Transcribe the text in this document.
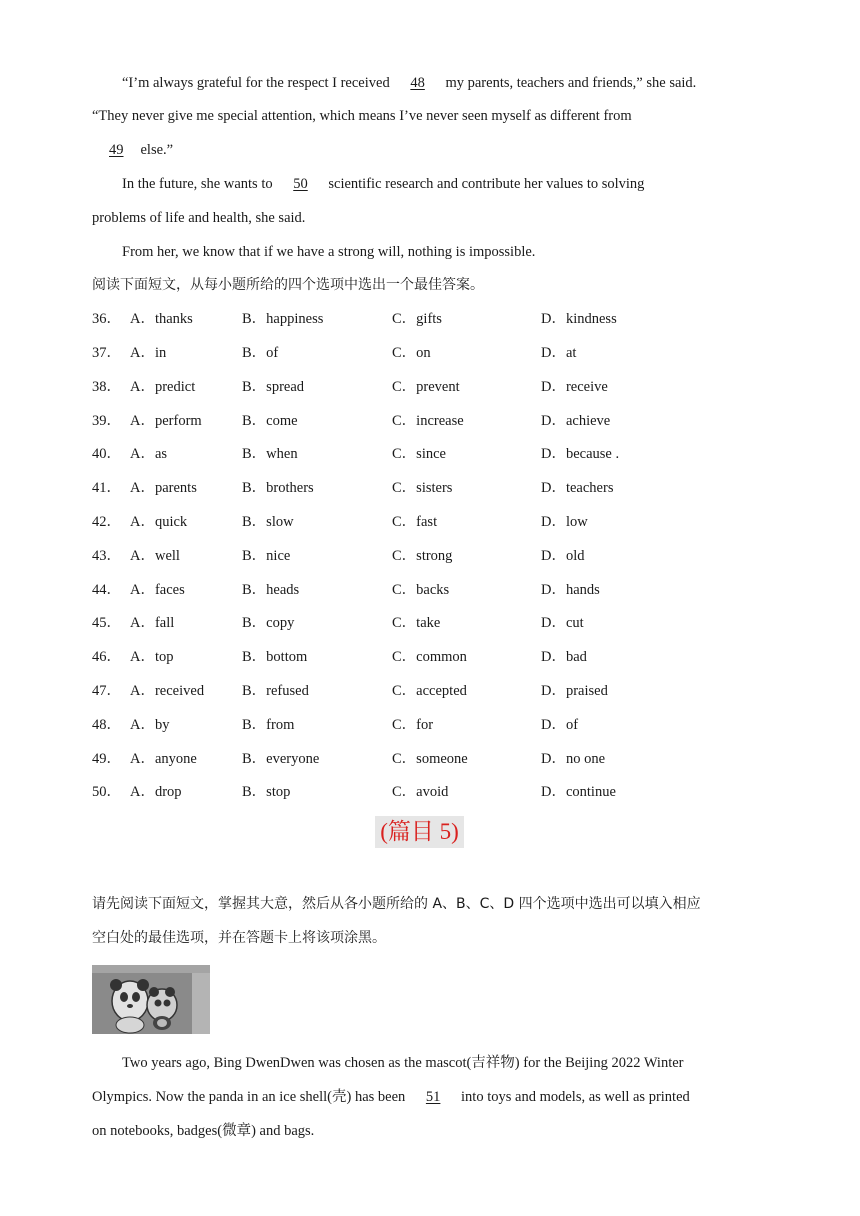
“I’m always grateful for the respect I received 48 my parents, teachers and friends,” she said.
“They never give me special attention, which means I’ve never seen myself as different from
49 else.”
In the future, she wants to 50 scientific research and contribute her values to solving
problems of life and health, she said.
From her, we know that if we have a strong will, nothing is impossible.
阅读下面短文，从每小题所给的四个选项中选出一个最佳答案。
36． A．thanks	B．happiness	C．gifts	D．kindness
37． A．in	B．of	C．on	D．at
38． A．predict	B．spread	C．prevent	D．receive
39． A．perform	B．come	C．increase	D．achieve
40． A．as	B．when	C．since	D．because .
41． A．parents	B．brothers	C．sisters	D．teachers
42． A．quick	B．slow	C．fast	D．low
43． A．well	B．nice	C．strong	D．old
44． A．faces	B．heads	C．backs	D．hands
45． A．fall	B．copy	C．take	D．cut
46． A．top	B．bottom	C．common	D．bad
47． A．received	B．refused	C．accepted	D．praised
48． A．by	B．from	C．for	D．of
49． A．anyone	B．everyone	C．someone	D．no one
50． A．drop	B．stop	C．avoid	D．continue
(篇目 5)
请先阅读下面短文，掌握其大意，然后从各小题所给的 A、B、C、D 四个选项中选出可以填入相应
空白处的最佳选项，并在答题卡上将该项涂黑。
Two years ago, Bing DwenDwen was chosen as the mascot(吉祥物) for the Beijing 2022 Winter
Olympics. Now the panda in an ice shell(壳) has been 51 into toys and models, as well as printed
on notebooks, badges(微章) and bags.
